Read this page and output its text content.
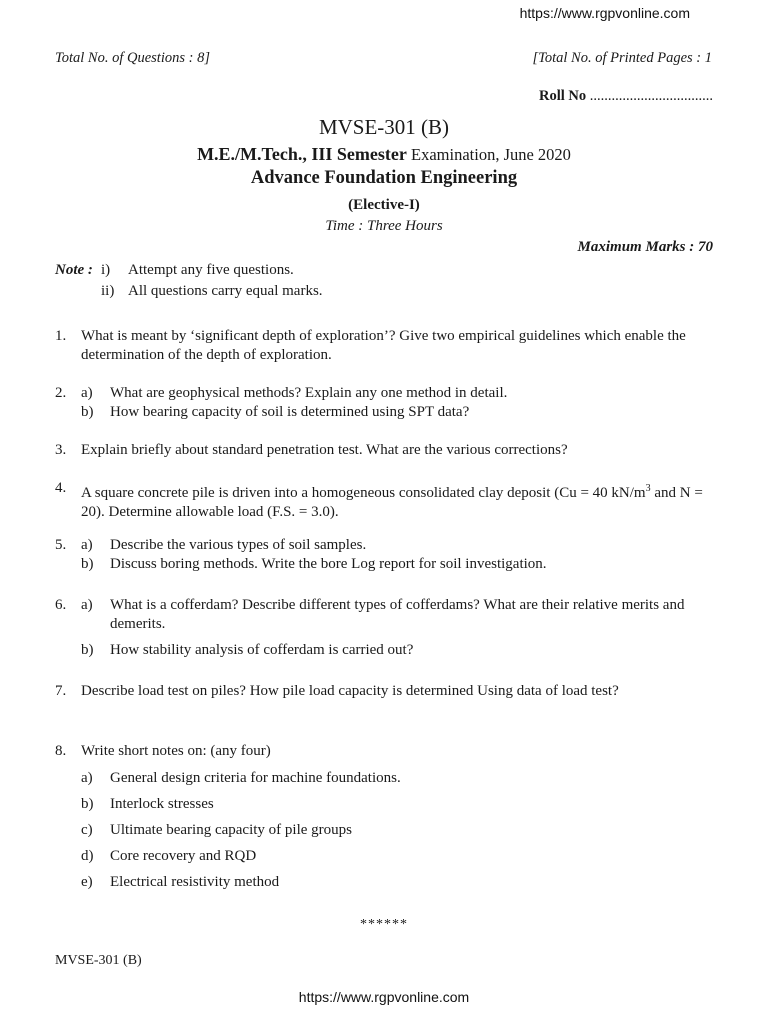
https://www.rgpvonline.com
Total No. of Questions : 8]	[Total No. of Printed Pages : 1
Roll No ..................................
MVSE-301 (B)
M.E./M.Tech., III Semester Examination, June 2020
Advance Foundation Engineering
(Elective-I)
Time : Three Hours
Maximum Marks : 70
Note : i) Attempt any five questions.
ii) All questions carry equal marks.
1. What is meant by ‘significant depth of exploration’? Give two empirical guidelines which enable the determination of the depth of exploration.
2. a) What are geophysical methods? Explain any one method in detail.
b) How bearing capacity of soil is determined using SPT data?
3. Explain briefly about standard penetration test. What are the various corrections?
4. A square concrete pile is driven into a homogeneous consolidated clay deposit (Cu = 40 $kN/m^3$ and N = 20). Determine allowable load (F.S. = 3.0).
5. a) Describe the various types of soil samples.
b) Discuss boring methods. Write the bore Log report for soil investigation.
6. a) What is a cofferdam? Describe different types of cofferdams? What are their relative merits and demerits.
b) How stability analysis of cofferdam is carried out?
7. Describe load test on piles? How pile load capacity is determined Using data of load test?
8. Write short notes on: (any four)
a) General design criteria for machine foundations.
b) Interlock stresses
c) Ultimate bearing capacity of pile groups
d) Core recovery and RQD
e) Electrical resistivity method
******
MVSE-301 (B)
https://www.rgpvonline.com
